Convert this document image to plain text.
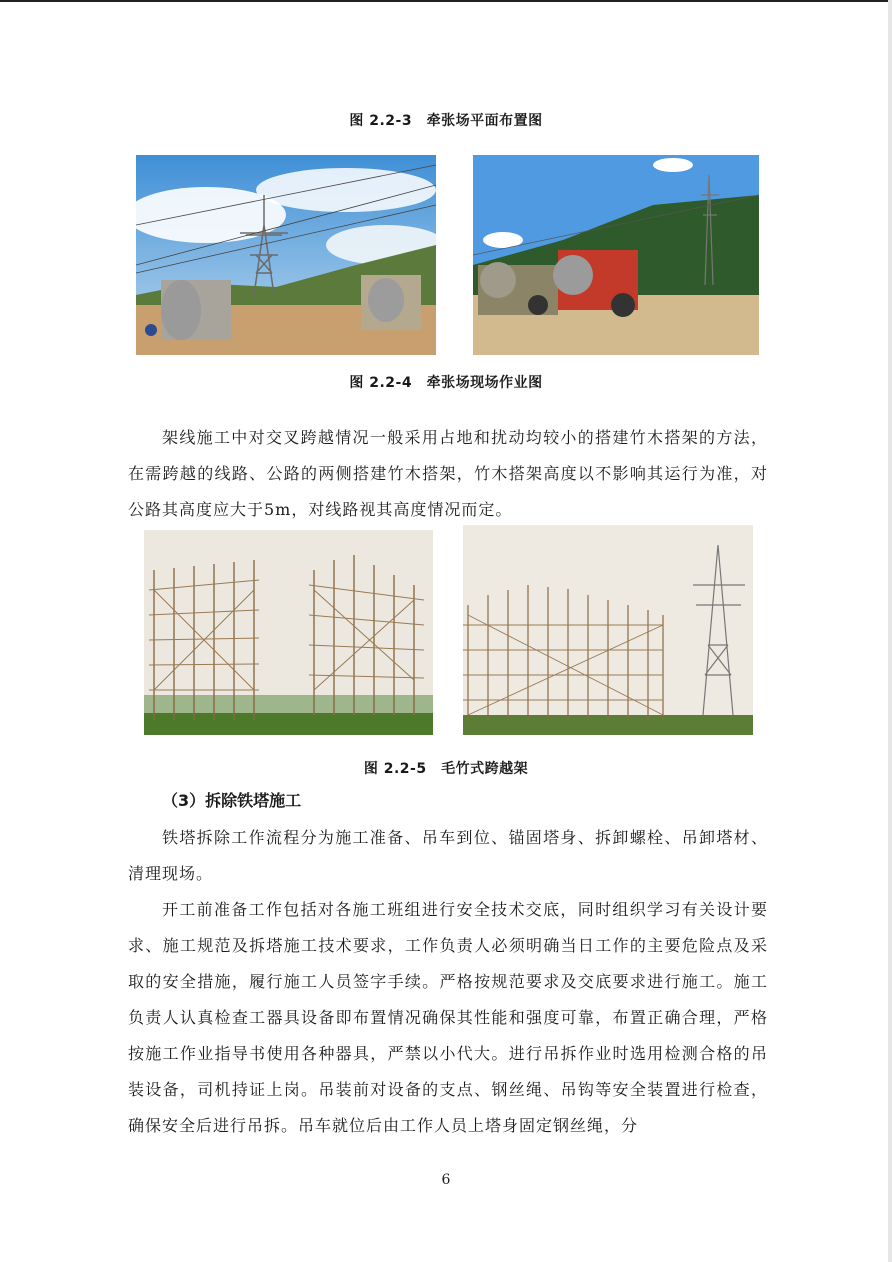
图 2.2-3　牵张场平面布置图
图 2.2-4　牵张场现场作业图
架线施工中对交叉跨越情况一般采用占地和扰动均较小的搭建竹木搭架的方法，在需跨越的线路、公路的两侧搭建竹木搭架，竹木搭架高度以不影响其运行为准，对公路其高度应大于5m，对线路视其高度情况而定。
图 2.2-5　毛竹式跨越架
（3）拆除铁塔施工
铁塔拆除工作流程分为施工准备、吊车到位、锚固塔身、拆卸螺栓、吊卸塔材、清理现场。
开工前准备工作包括对各施工班组进行安全技术交底，同时组织学习有关设计要求、施工规范及拆塔施工技术要求，工作负责人必须明确当日工作的主要危险点及采取的安全措施，履行施工人员签字手续。严格按规范要求及交底要求进行施工。施工负责人认真检查工器具设备即布置情况确保其性能和强度可靠，布置正确合理，严格按施工作业指导书使用各种器具，严禁以小代大。进行吊拆作业时选用检测合格的吊装设备，司机持证上岗。吊装前对设备的支点、钢丝绳、吊钩等安全装置进行检查，确保安全后进行吊拆。吊车就位后由工作人员上塔身固定钢丝绳，分
6
